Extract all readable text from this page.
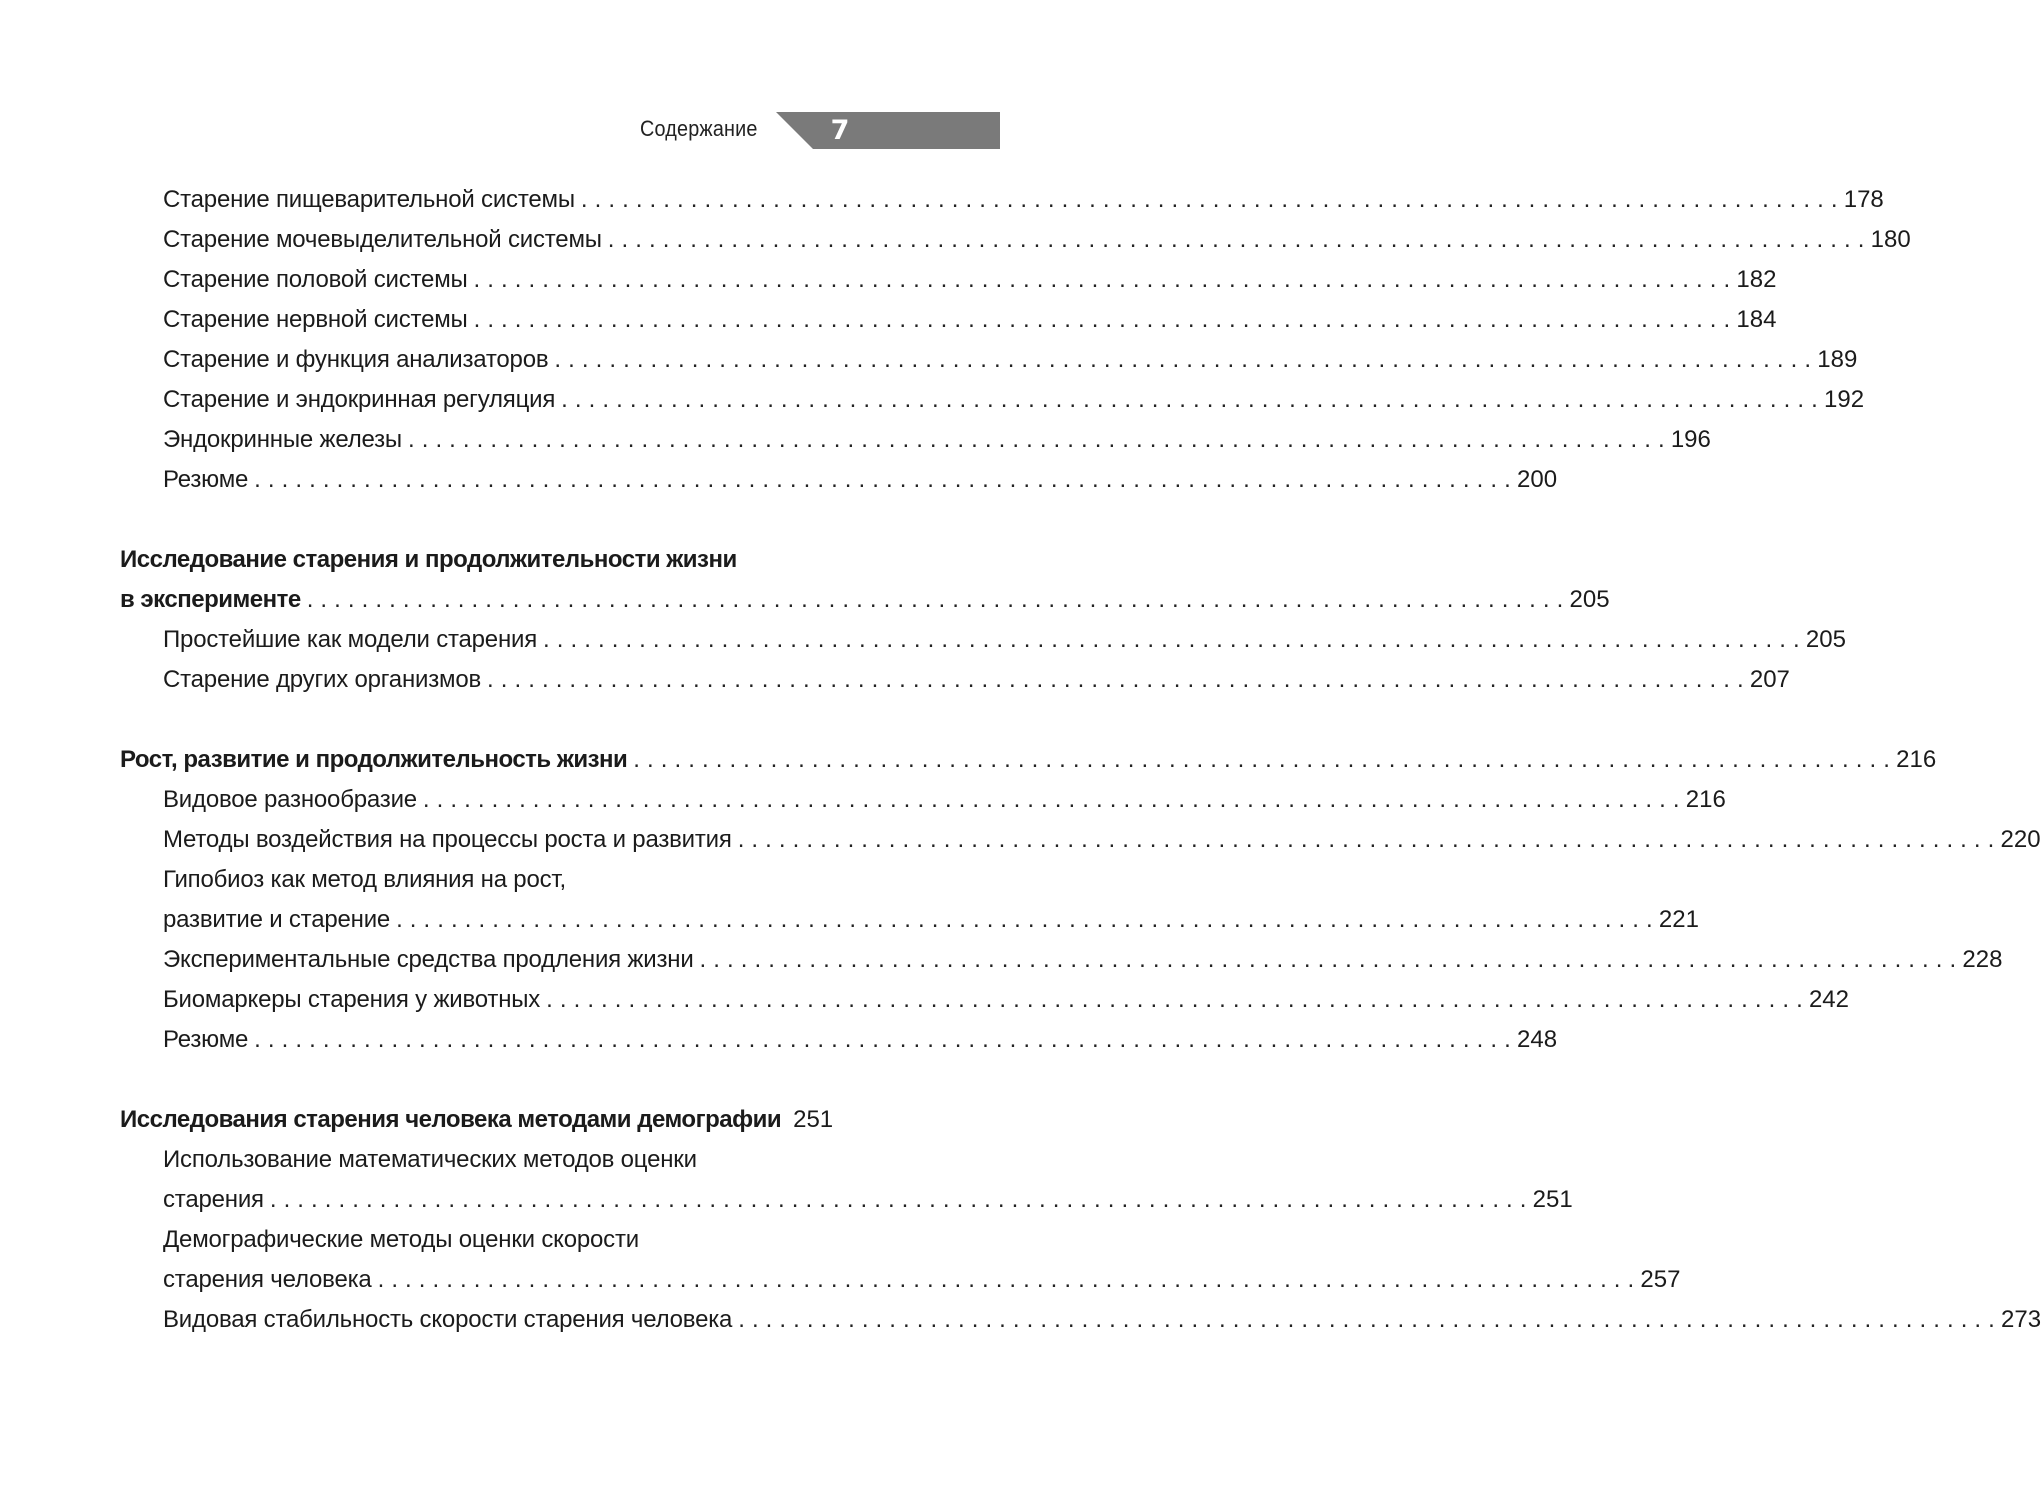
Содержание	7
Старение пищеварительной системы . . .	178
Старение мочевыделительной системы . . .	180
Старение половой системы . . .	182
Старение нервной системы . . .	184
Старение и функция анализаторов . . .	189
Старение и эндокринная регуляция . . .	192
Эндокринные железы . . .	196
Резюме . . .	200
Исследование старения и продолжительности жизни
в эксперименте . . .	205
Простейшие как модели старения . . .	205
Старение других организмов . . .	207
Рост, развитие и продолжительность жизни . . .	216
Видовое разнообразие . . .	216
Методы воздействия на процессы роста и развития . . .	220
Гипобиоз как метод влияния на рост,
развитие и старение . . .	221
Экспериментальные средства продления жизни . . .	228
Биомаркеры старения у животных . . .	242
Резюме . . .	248
Исследования старения человека методами демографии 251
Использование математических методов оценки
старения . . .	251
Демографические методы оценки скорости
старения человека . . .	257
Видовая стабильность скорости старения человека . . .	273
